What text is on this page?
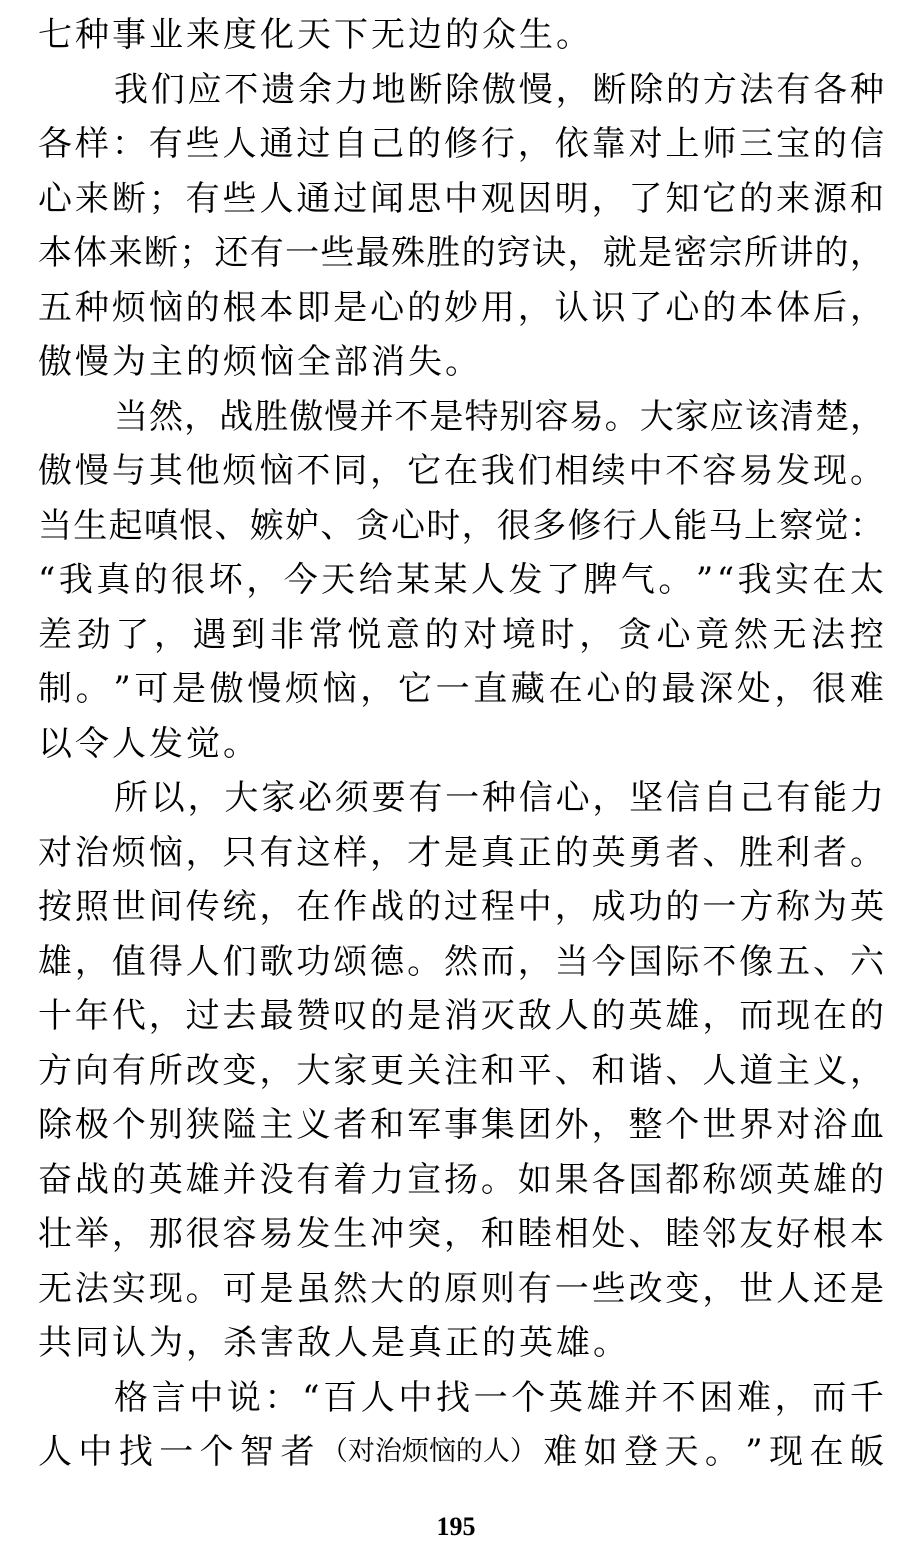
七 种 事 业 来 度 化 天 下 无 边 的 众 生 。
我 们 应 不 遗 余 力 地 断 除 傲 慢 ， 断 除 的 方 法 有 各 种
各 样 ： 有 些 人 通 过 自 己 的 修 行 ， 依 靠 对 上 师 三 宝 的 信
心 来 断 ； 有 些 人 通 过 闻 思 中 观 因 明 ， 了 知 它 的 来 源 和
本 体 来 断 ； 还 有 一 些 最 殊 胜 的 窍 诀 ， 就 是 密 宗 所 讲 的 ，
五 种 烦 恼 的 根 本 即 是 心 的 妙 用 ， 认 识 了 心 的 本 体 后 ，
傲 慢 为 主 的 烦 恼 全 部 消 失 。
当 然 ， 战 胜 傲 慢 并 不 是 特 别 容 易 。 大 家 应 该 清 楚 ，
傲 慢 与 其 他 烦 恼 不 同 ， 它 在 我 们 相 续 中 不 容 易 发 现 。
当 生 起 嗔 恨 、 嫉 妒 、 贪 心 时 ， 很 多 修 行 人 能 马 上 察 觉 ：
“ 我 真 的 很 坏 ， 今 天 给 某 某 人 发 了 脾 气 。 ” “ 我 实 在 太
差 劲 了 ， 遇 到 非 常 悦 意 的 对 境 时 ， 贪 心 竟 然 无 法 控
制 。 ” 可 是 傲 慢 烦 恼 ， 它 一 直 藏 在 心 的 最 深 处 ， 很 难
以 令 人 发 觉 。
所 以 ， 大 家 必 须 要 有 一 种 信 心 ， 坚 信 自 己 有 能 力
对 治 烦 恼 ， 只 有 这 样 ， 才 是 真 正 的 英 勇 者 、 胜 利 者 。
按 照 世 间 传 统 ， 在 作 战 的 过 程 中 ， 成 功 的 一 方 称 为 英
雄 ， 值 得 人 们 歌 功 颂 德 。 然 而 ， 当 今 国 际 不 像 五 、 六
十 年 代 ， 过 去 最 赞 叹 的 是 消 灭 敌 人 的 英 雄 ， 而 现 在 的
方 向 有 所 改 变 ， 大 家 更 关 注 和 平 、 和 谐 、 人 道 主 义 ，
除 极 个 别 狭 隘 主 义 者 和 军 事 集 团 外 ， 整 个 世 界 对 浴 血
奋 战 的 英 雄 并 没 有 着 力 宣 扬 。 如 果 各 国 都 称 颂 英 雄 的
壮 举 ， 那 很 容 易 发 生 冲 突 ， 和 睦 相 处 、 睦 邻 友 好 根 本
无 法 实 现 。 可 是 虽 然 大 的 原 则 有 一 些 改 变 ， 世 人 还 是
共 同 认 为 ， 杀 害 敌 人 是 真 正 的 英 雄 。
格 言 中 说 ： “ 百 人 中 找 一 个 英 雄 并 不 困 难 ， 而 千
人 中 找 一 个 智 者 （对治烦恼的人） 难 如 登 天 。 ” 现 在 皈
195
